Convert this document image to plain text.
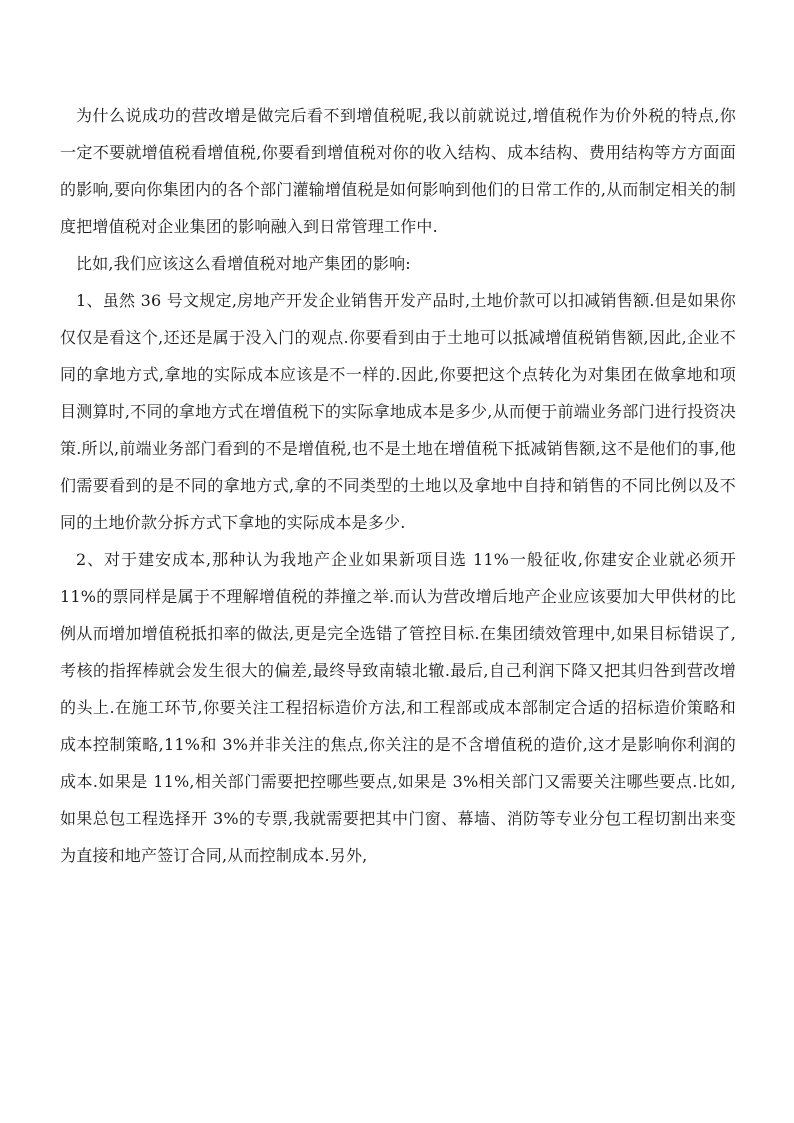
为什么说成功的营改增是做完后看不到增值税呢,我以前就说过,增值税作为价外税的特点,你一定不要就增值税看增值税,你要看到增值税对你的收入结构、成本结构、费用结构等方方面面的影响,要向你集团内的各个部门灌输增值税是如何影响到他们的日常工作的,从而制定相关的制度把增值税对企业集团的影响融入到日常管理工作中.

比如,我们应该这么看增值税对地产集团的影响:

1、虽然 36 号文规定,房地产开发企业销售开发产品时,土地价款可以扣减销售额.但是如果你仅仅是看这个,还还是属于没入门的观点.你要看到由于土地可以抵减增值税销售额,因此,企业不同的拿地方式,拿地的实际成本应该是不一样的.因此,你要把这个点转化为对集团在做拿地和项目测算时,不同的拿地方式在增值税下的实际拿地成本是多少,从而便于前端业务部门进行投资决策.所以,前端业务部门看到的不是增值税,也不是土地在增值税下抵减销售额,这不是他们的事,他们需要看到的是不同的拿地方式,拿的不同类型的土地以及拿地中自持和销售的不同比例以及不同的土地价款分拆方式下拿地的实际成本是多少.

2、对于建安成本,那种认为我地产企业如果新项目选 11%一般征收,你建安企业就必须开 11%的票同样是属于不理解增值税的莽撞之举.而认为营改增后地产企业应该要加大甲供材的比例从而增加增值税抵扣率的做法,更是完全选错了管控目标.在集团绩效管理中,如果目标错误了,考核的指挥棒就会发生很大的偏差,最终导致南辕北辙.最后,自己利润下降又把其归咎到营改增的头上.在施工环节,你要关注工程招标造价方法,和工程部或成本部制定合适的招标造价策略和成本控制策略,11%和 3%并非关注的焦点,你关注的是不含增值税的造价,这才是影响你利润的成本.如果是 11%,相关部门需要把控哪些要点,如果是 3%相关部门又需要关注哪些要点.比如,如果总包工程选择开 3%的专票,我就需要把其中门窗、幕墙、消防等专业分包工程切割出来变为直接和地产签订合同,从而控制成本.另外,
